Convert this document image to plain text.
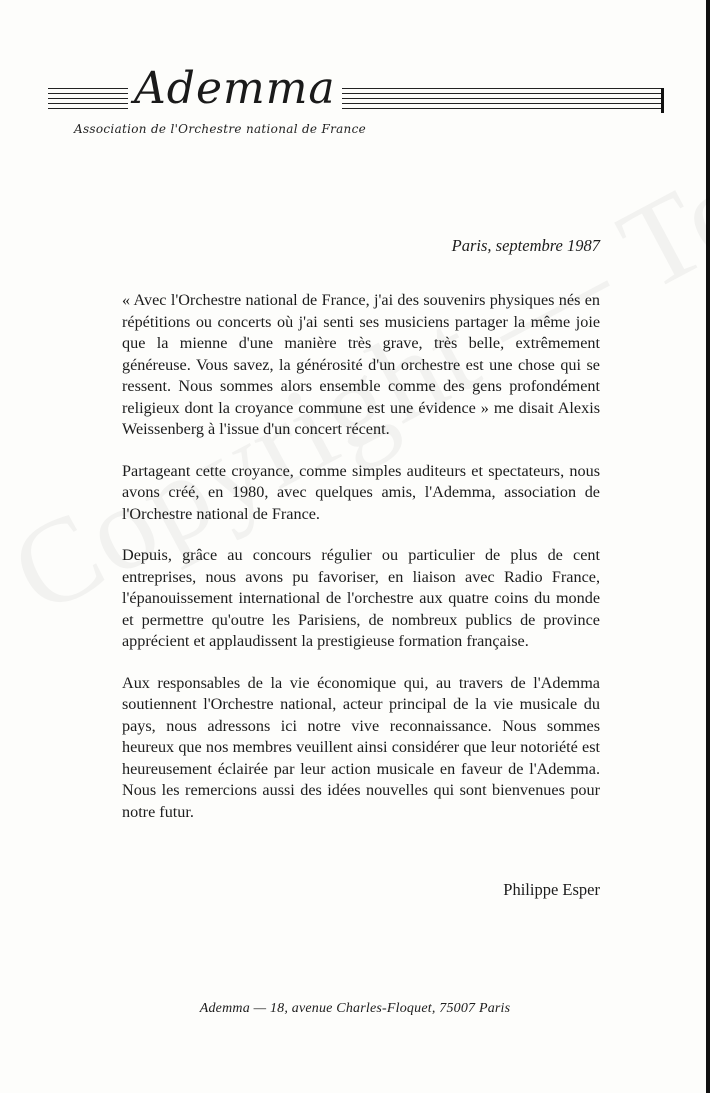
Ademma
Association de l'Orchestre national de France
Paris, septembre 1987

« Avec l'Orchestre national de France, j'ai des souvenirs physiques nés en répétitions ou concerts où j'ai senti ses musiciens partager la même joie que la mienne d'une manière très grave, très belle, extrêmement généreuse. Vous savez, la générosité d'un orchestre est une chose qui se ressent. Nous sommes alors ensemble comme des gens profondément religieux dont la croyance commune est une évidence » me disait Alexis Weissenberg à l'issue d'un concert récent.

Partageant cette croyance, comme simples auditeurs et spectateurs, nous avons créé, en 1980, avec quelques amis, l'Ademma, association de l'Orchestre national de France.

Depuis, grâce au concours régulier ou particulier de plus de cent entreprises, nous avons pu favoriser, en liaison avec Radio France, l'épanouissement international de l'orchestre aux quatre coins du monde et permettre qu'outre les Parisiens, de nombreux publics de province apprécient et applaudissent la prestigieuse formation française.

Aux responsables de la vie économique qui, au travers de l'Ademma soutiennent l'Orchestre national, acteur principal de la vie musicale du pays, nous adressons ici notre vive reconnaissance. Nous sommes heureux que nos membres veuillent ainsi considérer que leur notoriété est heureusement éclairée par leur action musicale en faveur de l'Ademma. Nous les remercions aussi des idées nouvelles qui sont bienvenues pour notre futur.

Philippe Esper
Ademma — 18, avenue Charles-Floquet, 75007 Paris
